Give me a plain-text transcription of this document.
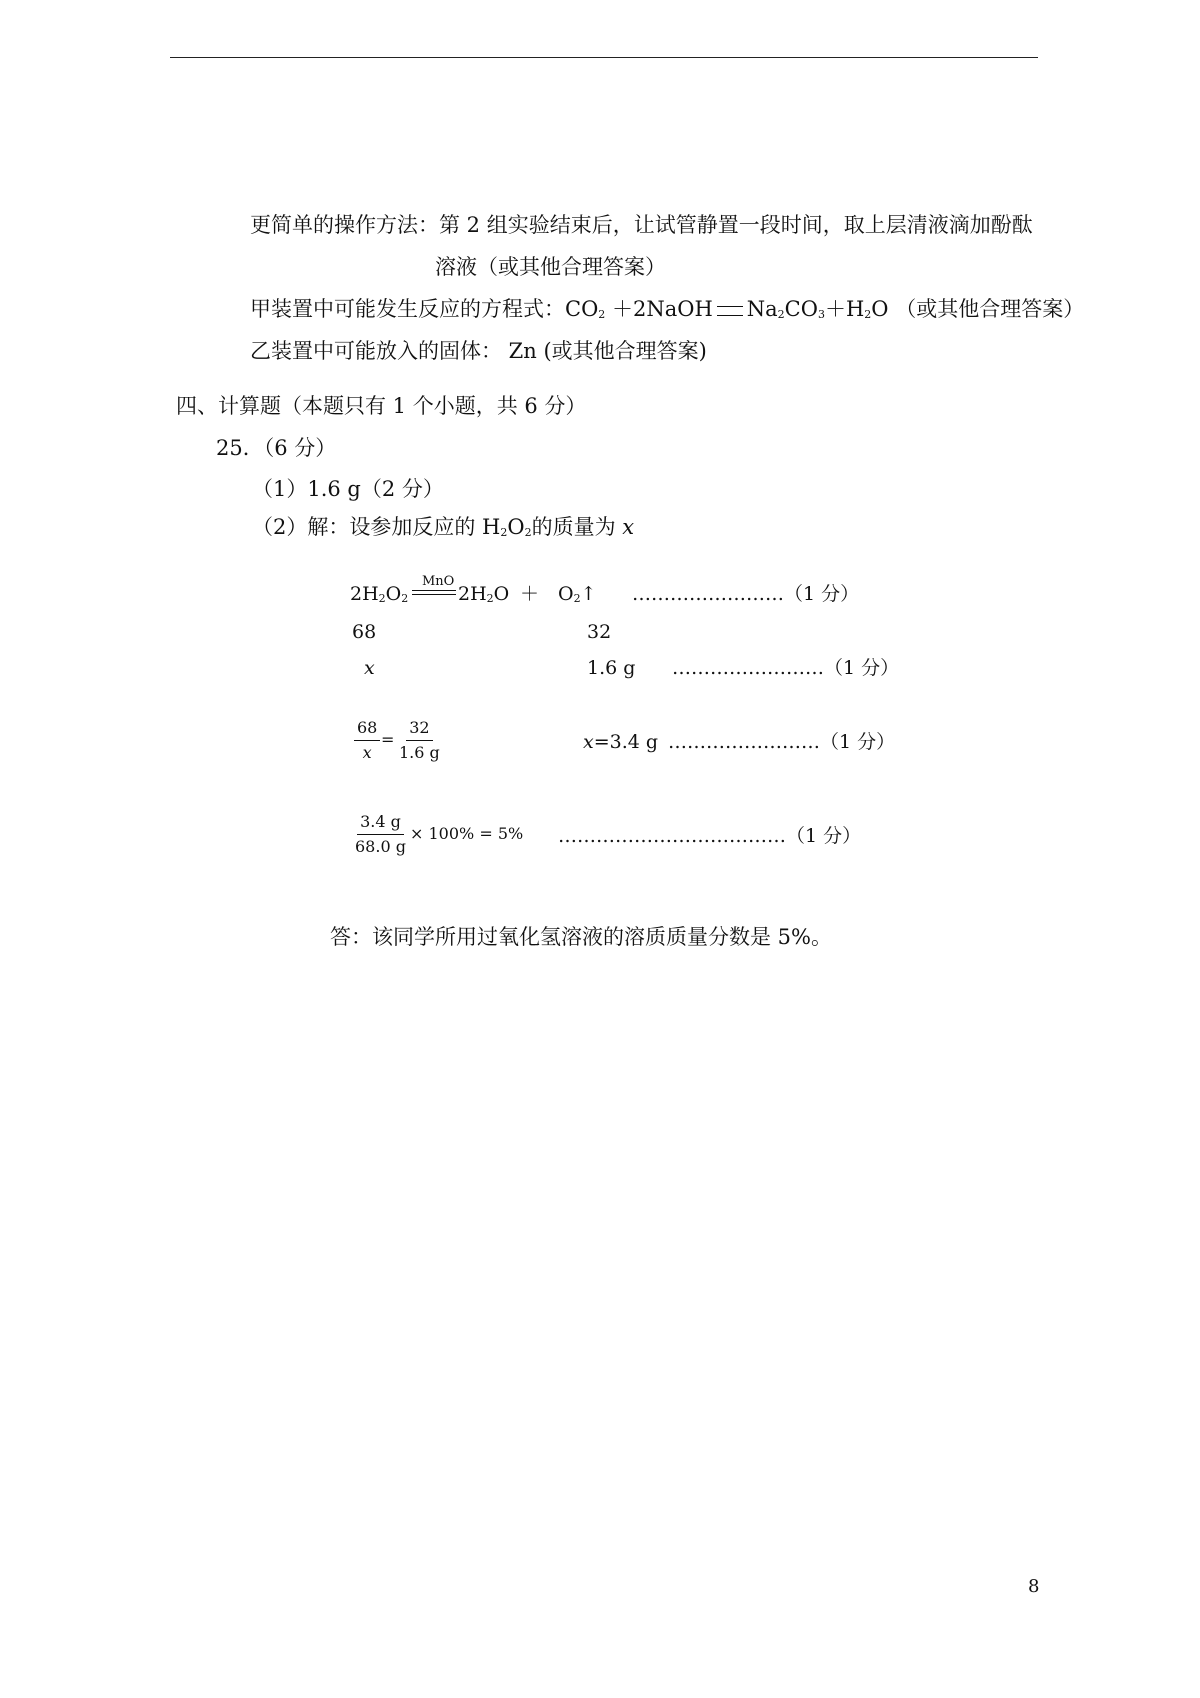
更简单的操作方法：第 2 组实验结束后，让试管静置一段时间，取上层清液滴加酚酞
溶液（或其他合理答案）
甲装置中可能发生反应的方程式：$CO_2$ ＋2NaOH $Na_2CO_3+H_2O$ （或其他合理答案）
乙装置中可能放入的固体： Zn (或其他合理答案)
四、计算题（本题只有 1 个小题，共 6 分）
25．（6 分）
（1）1.6 g（2 分）
（2）解：设参加反应的 $H_2O_2$的质量为 x
$2H_2O_2$
MnO
$2H_2O$ ＋ $O_2↑$ ……………………（1 分）
68	32
x	1.6 g ……………………（1 分）
$\frac{68}{x} = \frac{32}{1.6 g}$	x=3.4 g ……………………（1 分）
$\frac{3.4 g}{68.0 g} \times 100\% = 5\%$ ………………………………（1 分）
答：该同学所用过氧化氢溶液的溶质质量分数是 5%。
8
